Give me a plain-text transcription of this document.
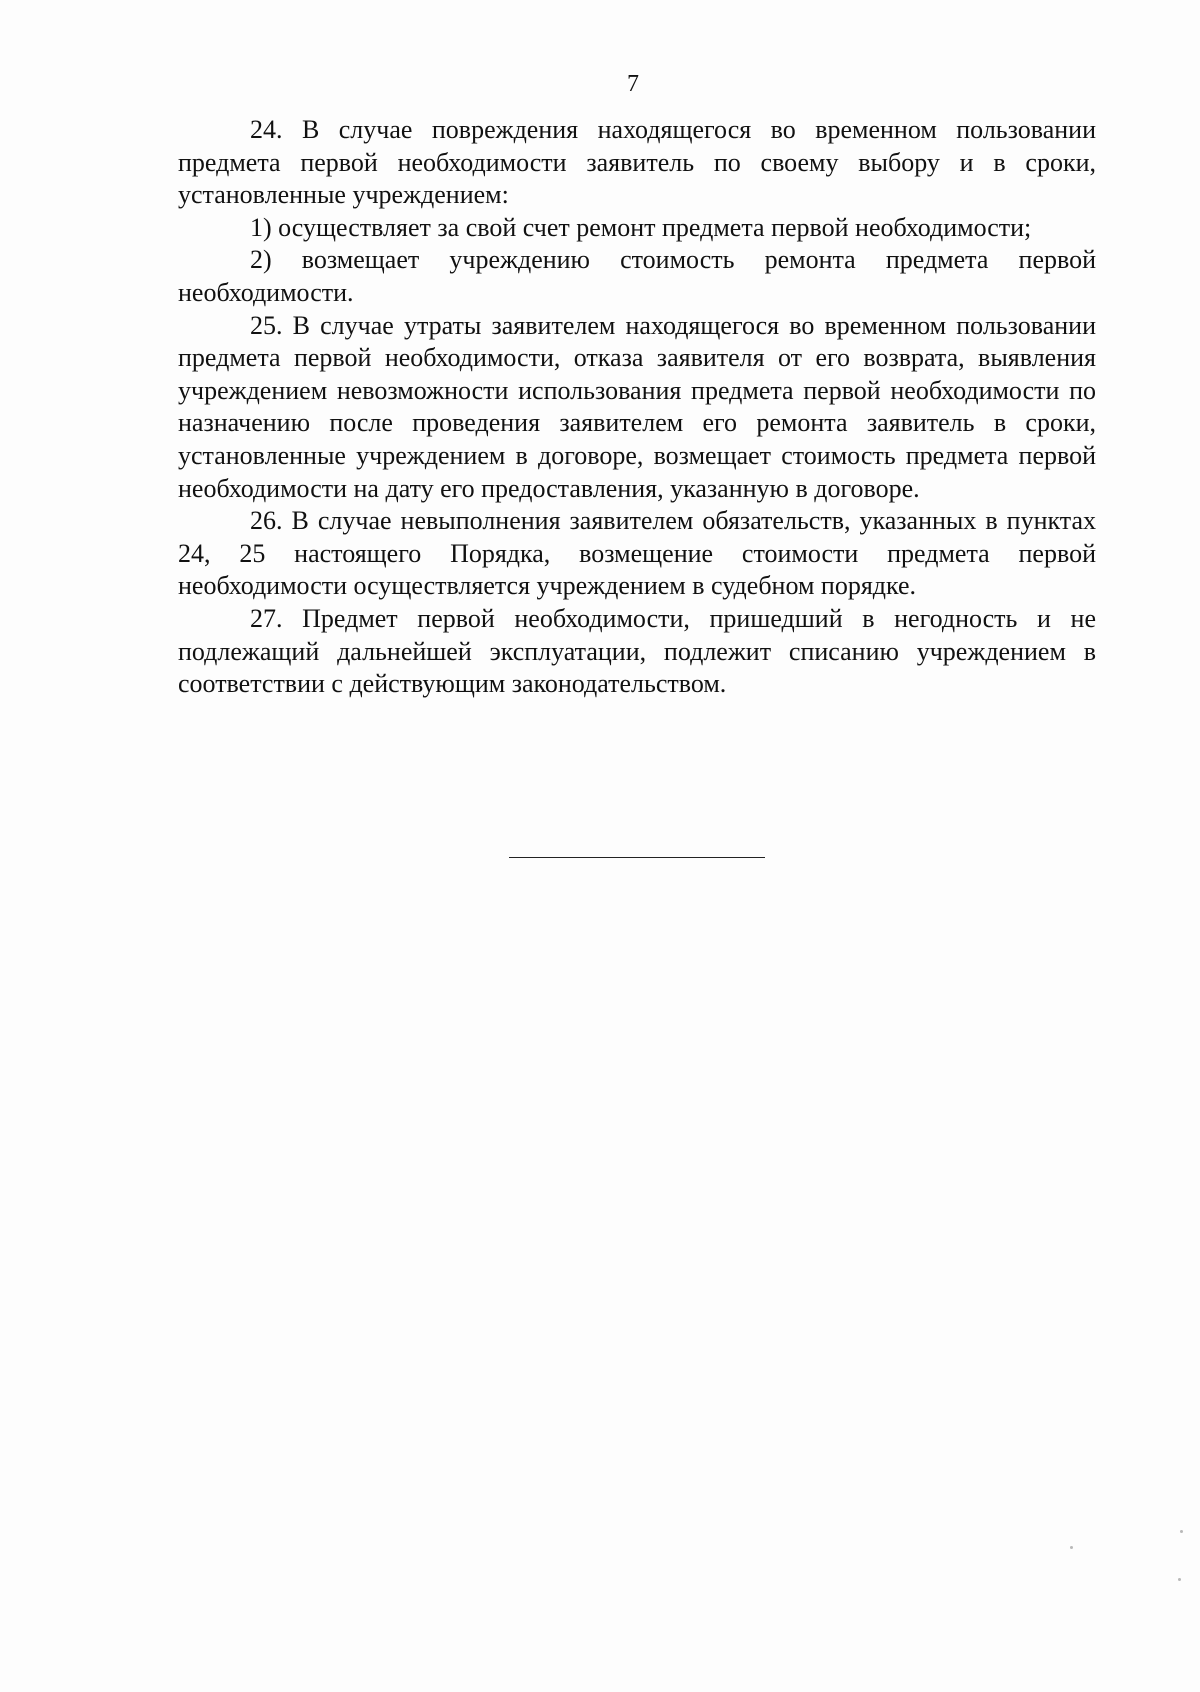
7

24. В случае повреждения находящегося во временном пользовании предмета первой необходимости заявитель по своему выбору и в сроки, установленные учреждением:

1) осуществляет за свой счет ремонт предмета первой необходимости;

2) возмещает учреждению стоимость ремонта предмета первой необходимости.

25. В случае утраты заявителем находящегося во временном пользовании предмета первой необходимости, отказа заявителя от его возврата, выявления учреждением невозможности использования предмета первой необходимости по назначению после проведения заявителем его ремонта заявитель в сроки, установленные учреждением в договоре, возмещает стоимость предмета первой необходимости на дату его предоставления, указанную в договоре.

26. В случае невыполнения заявителем обязательств, указанных в пунктах 24, 25 настоящего Порядка, возмещение стоимости предмета первой необходимости осуществляется учреждением в судебном порядке.

27. Предмет первой необходимости, пришедший в негодность и не подлежащий дальнейшей эксплуатации, подлежит списанию учреждением в соответствии с действующим законодательством.
